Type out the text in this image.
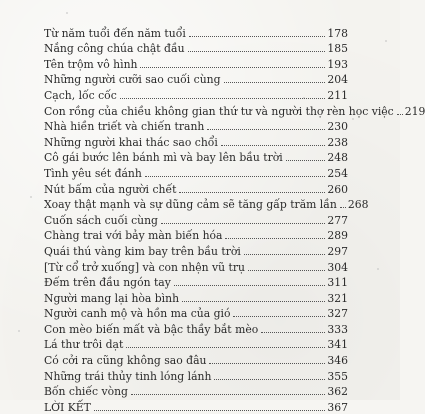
Từ năm tuổi đến năm tuổi	178
Nắng công chúa chật đầu	185
Tên trộm vô hình	193
Những người cưỡi sao cuối cùng	204
Cạch, lốc cốc	211
Con rồng của chiều không gian thứ tư và người thợ rèn học việc 219
Nhà hiền triết và chiến tranh	230
Những người khai thác sao chổi	238
Cô gái bước lên bánh mì và bay lên bầu trời	248
Tình yêu sét đánh	254
Nút bấm của người chết	260
Xoay thật mạnh và sự dũng cảm sẽ tăng gấp trăm lần 268
Cuốn sách cuối cùng	277
Chàng trai với bảy màn biến hóa	289
Quái thú vàng kim bay trên bầu trời	297
[Từ cổ trở xuống] và con nhện vũ trụ	304
Đếm trên đầu ngón tay	311
Người mang lại hòa bình	321
Người canh mộ và hồn ma của gió	327
Con mèo biến mất và bậc thầy bắt mèo	333
Lá thư trôi dạt	341
Có cởi ra cũng không sao đâu	346
Những trái thủy tinh lóng lánh	355
Bốn chiếc vòng	362
LỜI KẾT	367
